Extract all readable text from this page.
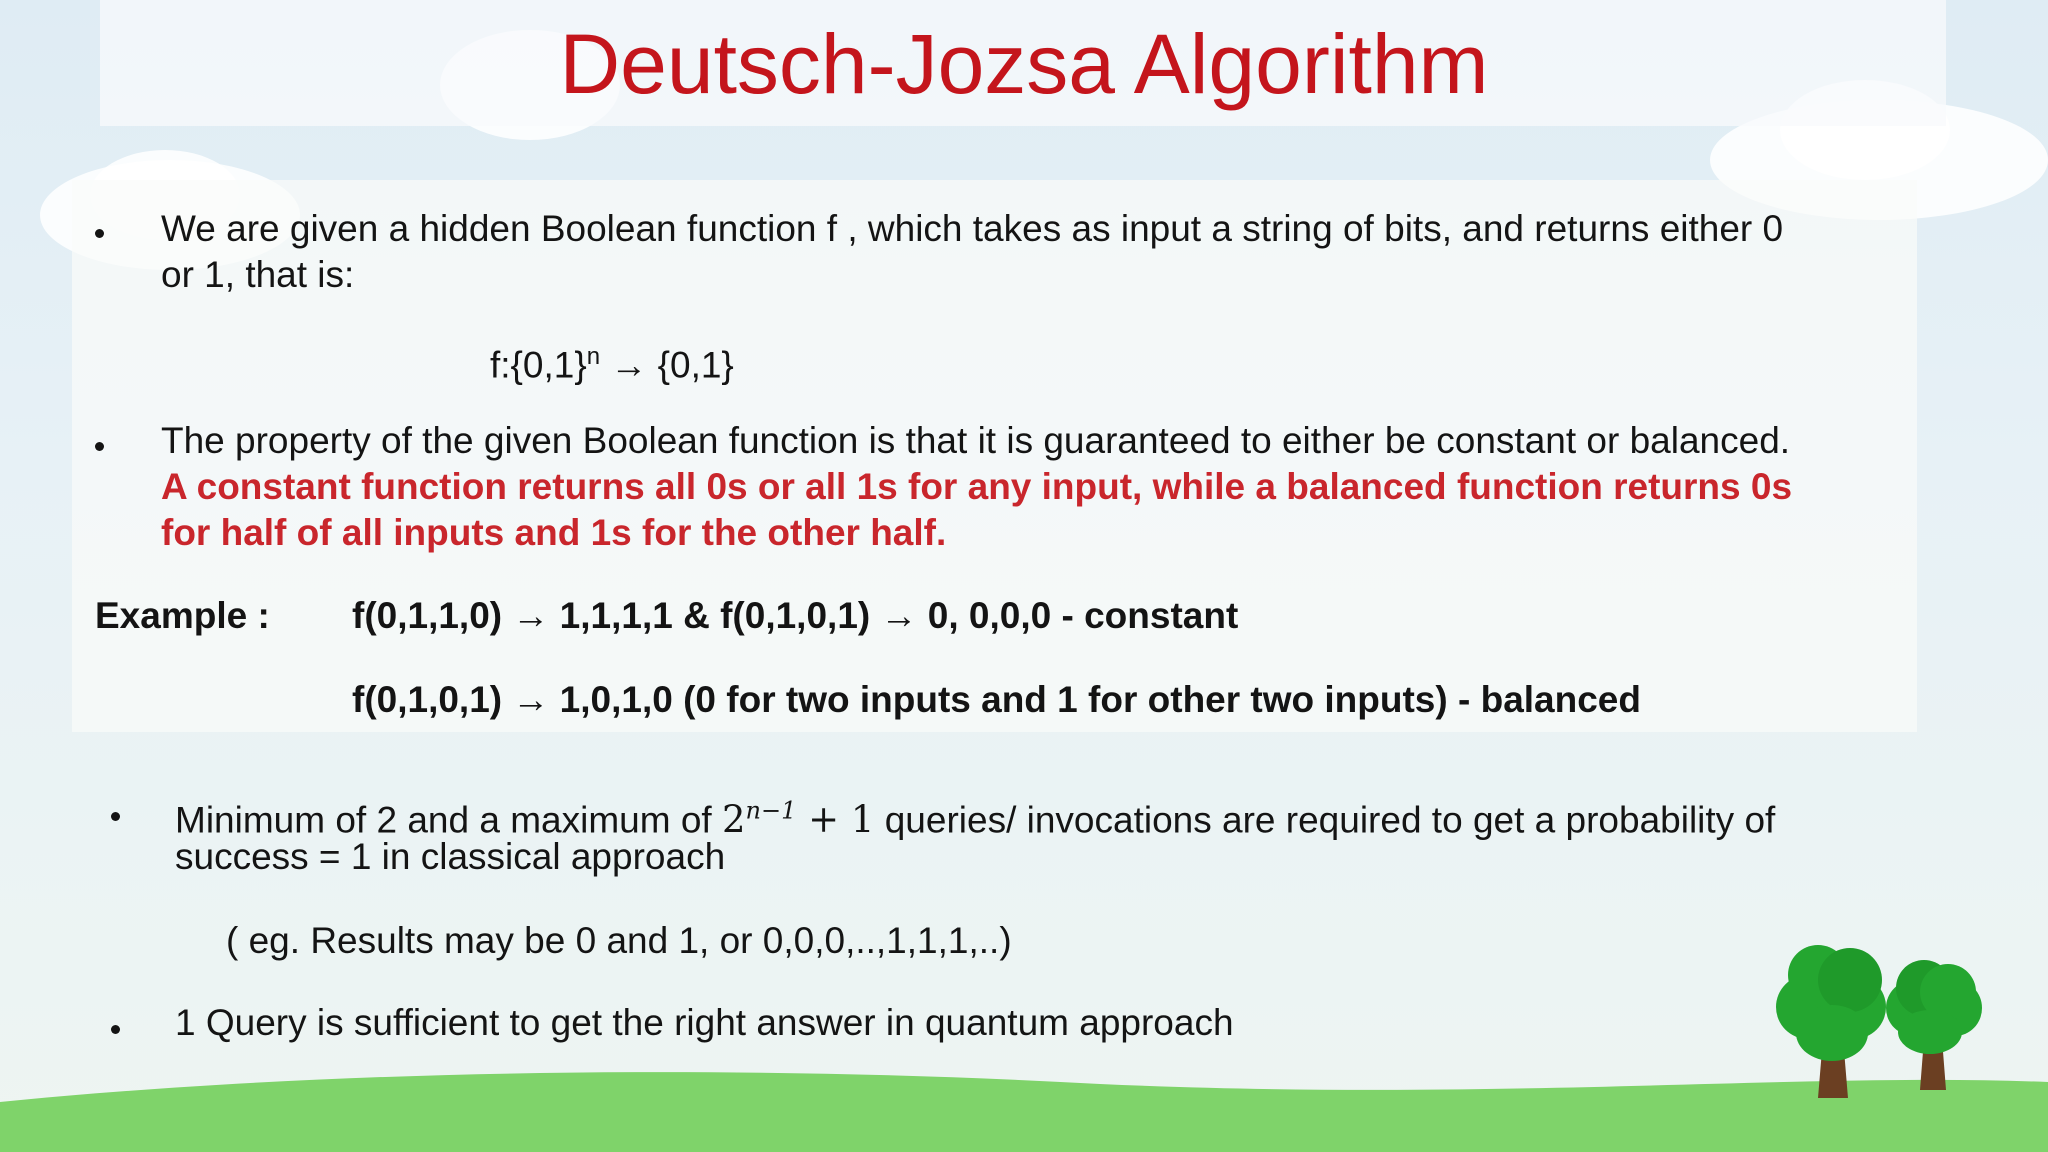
Deutsch-Jozsa Algorithm
We are given a hidden Boolean function f , which takes as input a string of bits, and returns either 0
or 1, that is:
$f:\{0,1\}^n \to \{0,1\}$
The property of the given Boolean function is that it is guaranteed to either be constant or balanced.
A constant function returns all 0s or all 1s for any input, while a balanced function returns 0s
for half of all inputs and 1s for the other half.
Example : f(0,1,1,0) → 1,1,1,1 & f(0,1,0,1) → 0, 0,0,0 - constant
f(0,1,0,1) → 1,0,1,0 (0 for two inputs and 1 for other two inputs) - balanced
Minimum of 2 and a maximum of $2^{n-1} + 1$ queries/ invocations are required to get a probability of
success = 1 in classical approach
( eg. Results may be 0 and 1, or 0,0,0,..,1,1,1,..)
1 Query is sufficient to get the right answer in quantum approach
